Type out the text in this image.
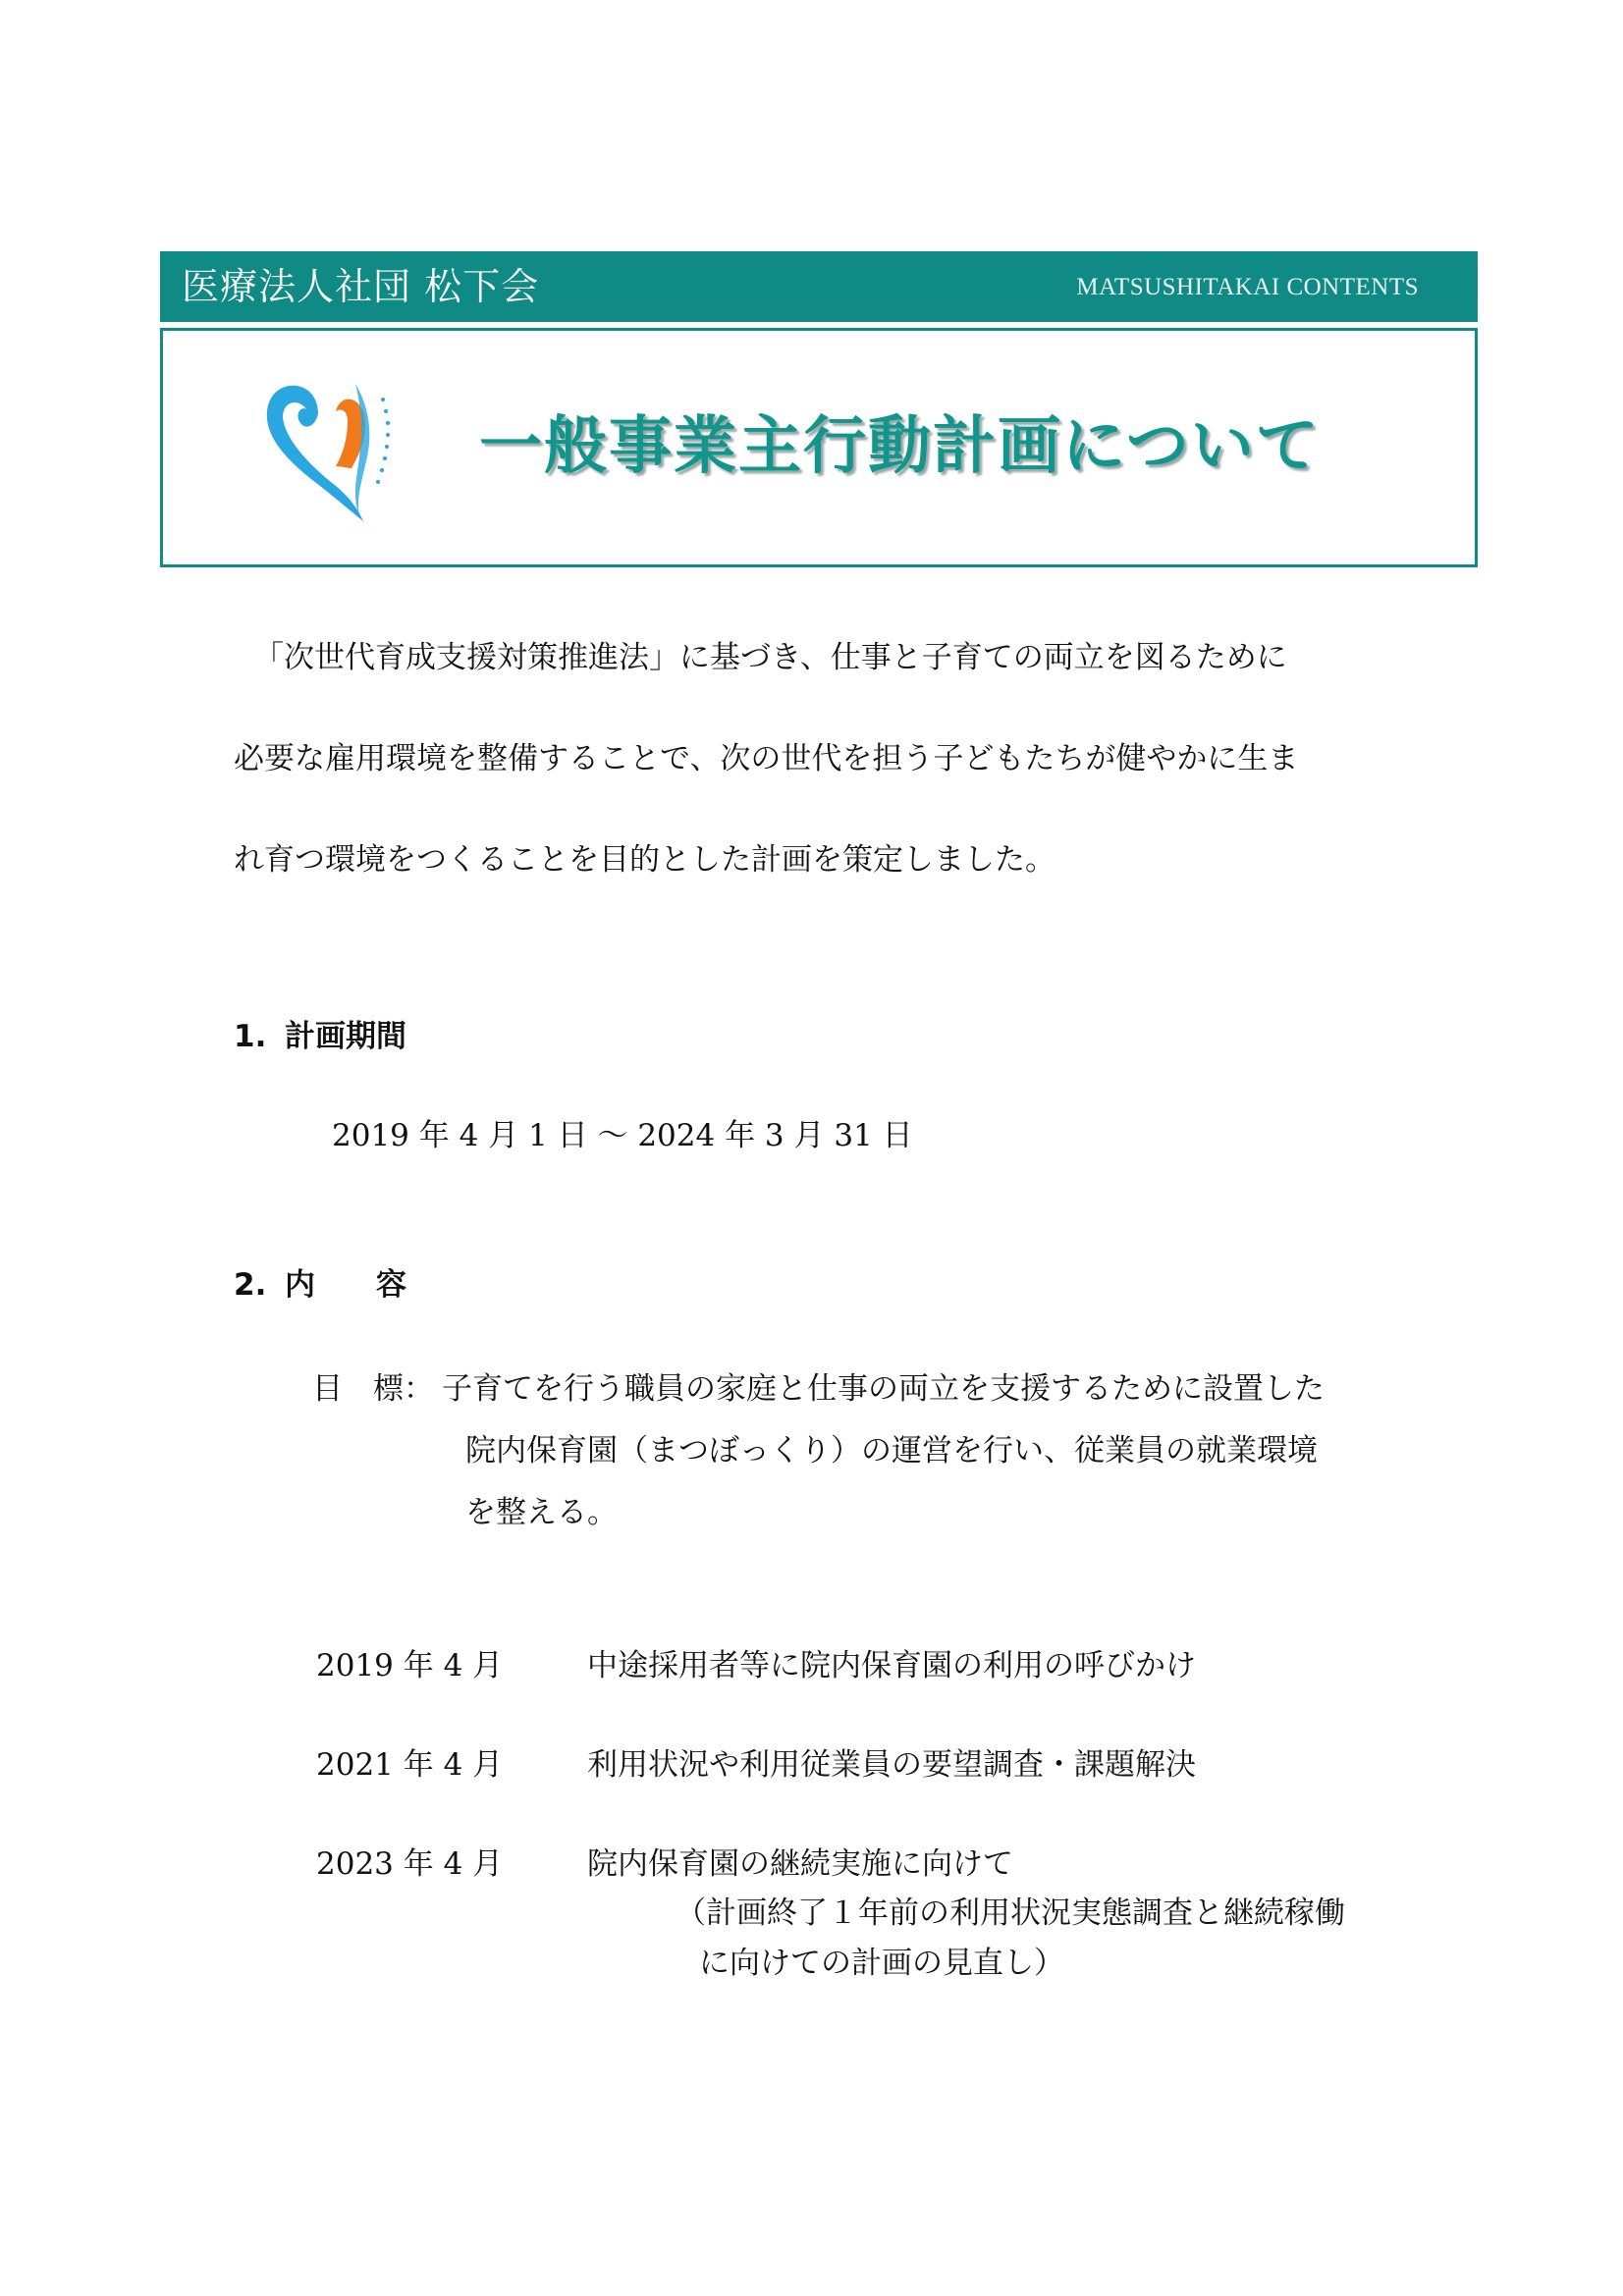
医療法人社団 松下会	MATSUSHITAKAI CONTENTS
一般事業主行動計画について
「次世代育成支援対策推進法」に基づき、仕事と子育ての両立を図るために
必要な雇用環境を整備することで、次の世代を担う子どもたちが健やかに生ま
れ育つ環境をつくることを目的とした計画を策定しました。
1. 計画期間
2019 年 4 月 1 日 ～ 2024 年 3 月 31 日
2. 内　　容
目　標： 子育てを行う職員の家庭と仕事の両立を支援するために設置した
院内保育園（まつぼっくり）の運営を行い、従業員の就業環境
を整える。
2019 年 4 月	中途採用者等に院内保育園の利用の呼びかけ
2021 年 4 月	利用状況や利用従業員の要望調査・課題解決
2023 年 4 月	院内保育園の継続実施に向けて
（計画終了１年前の利用状況実態調査と継続稼働
に向けての計画の見直し）
